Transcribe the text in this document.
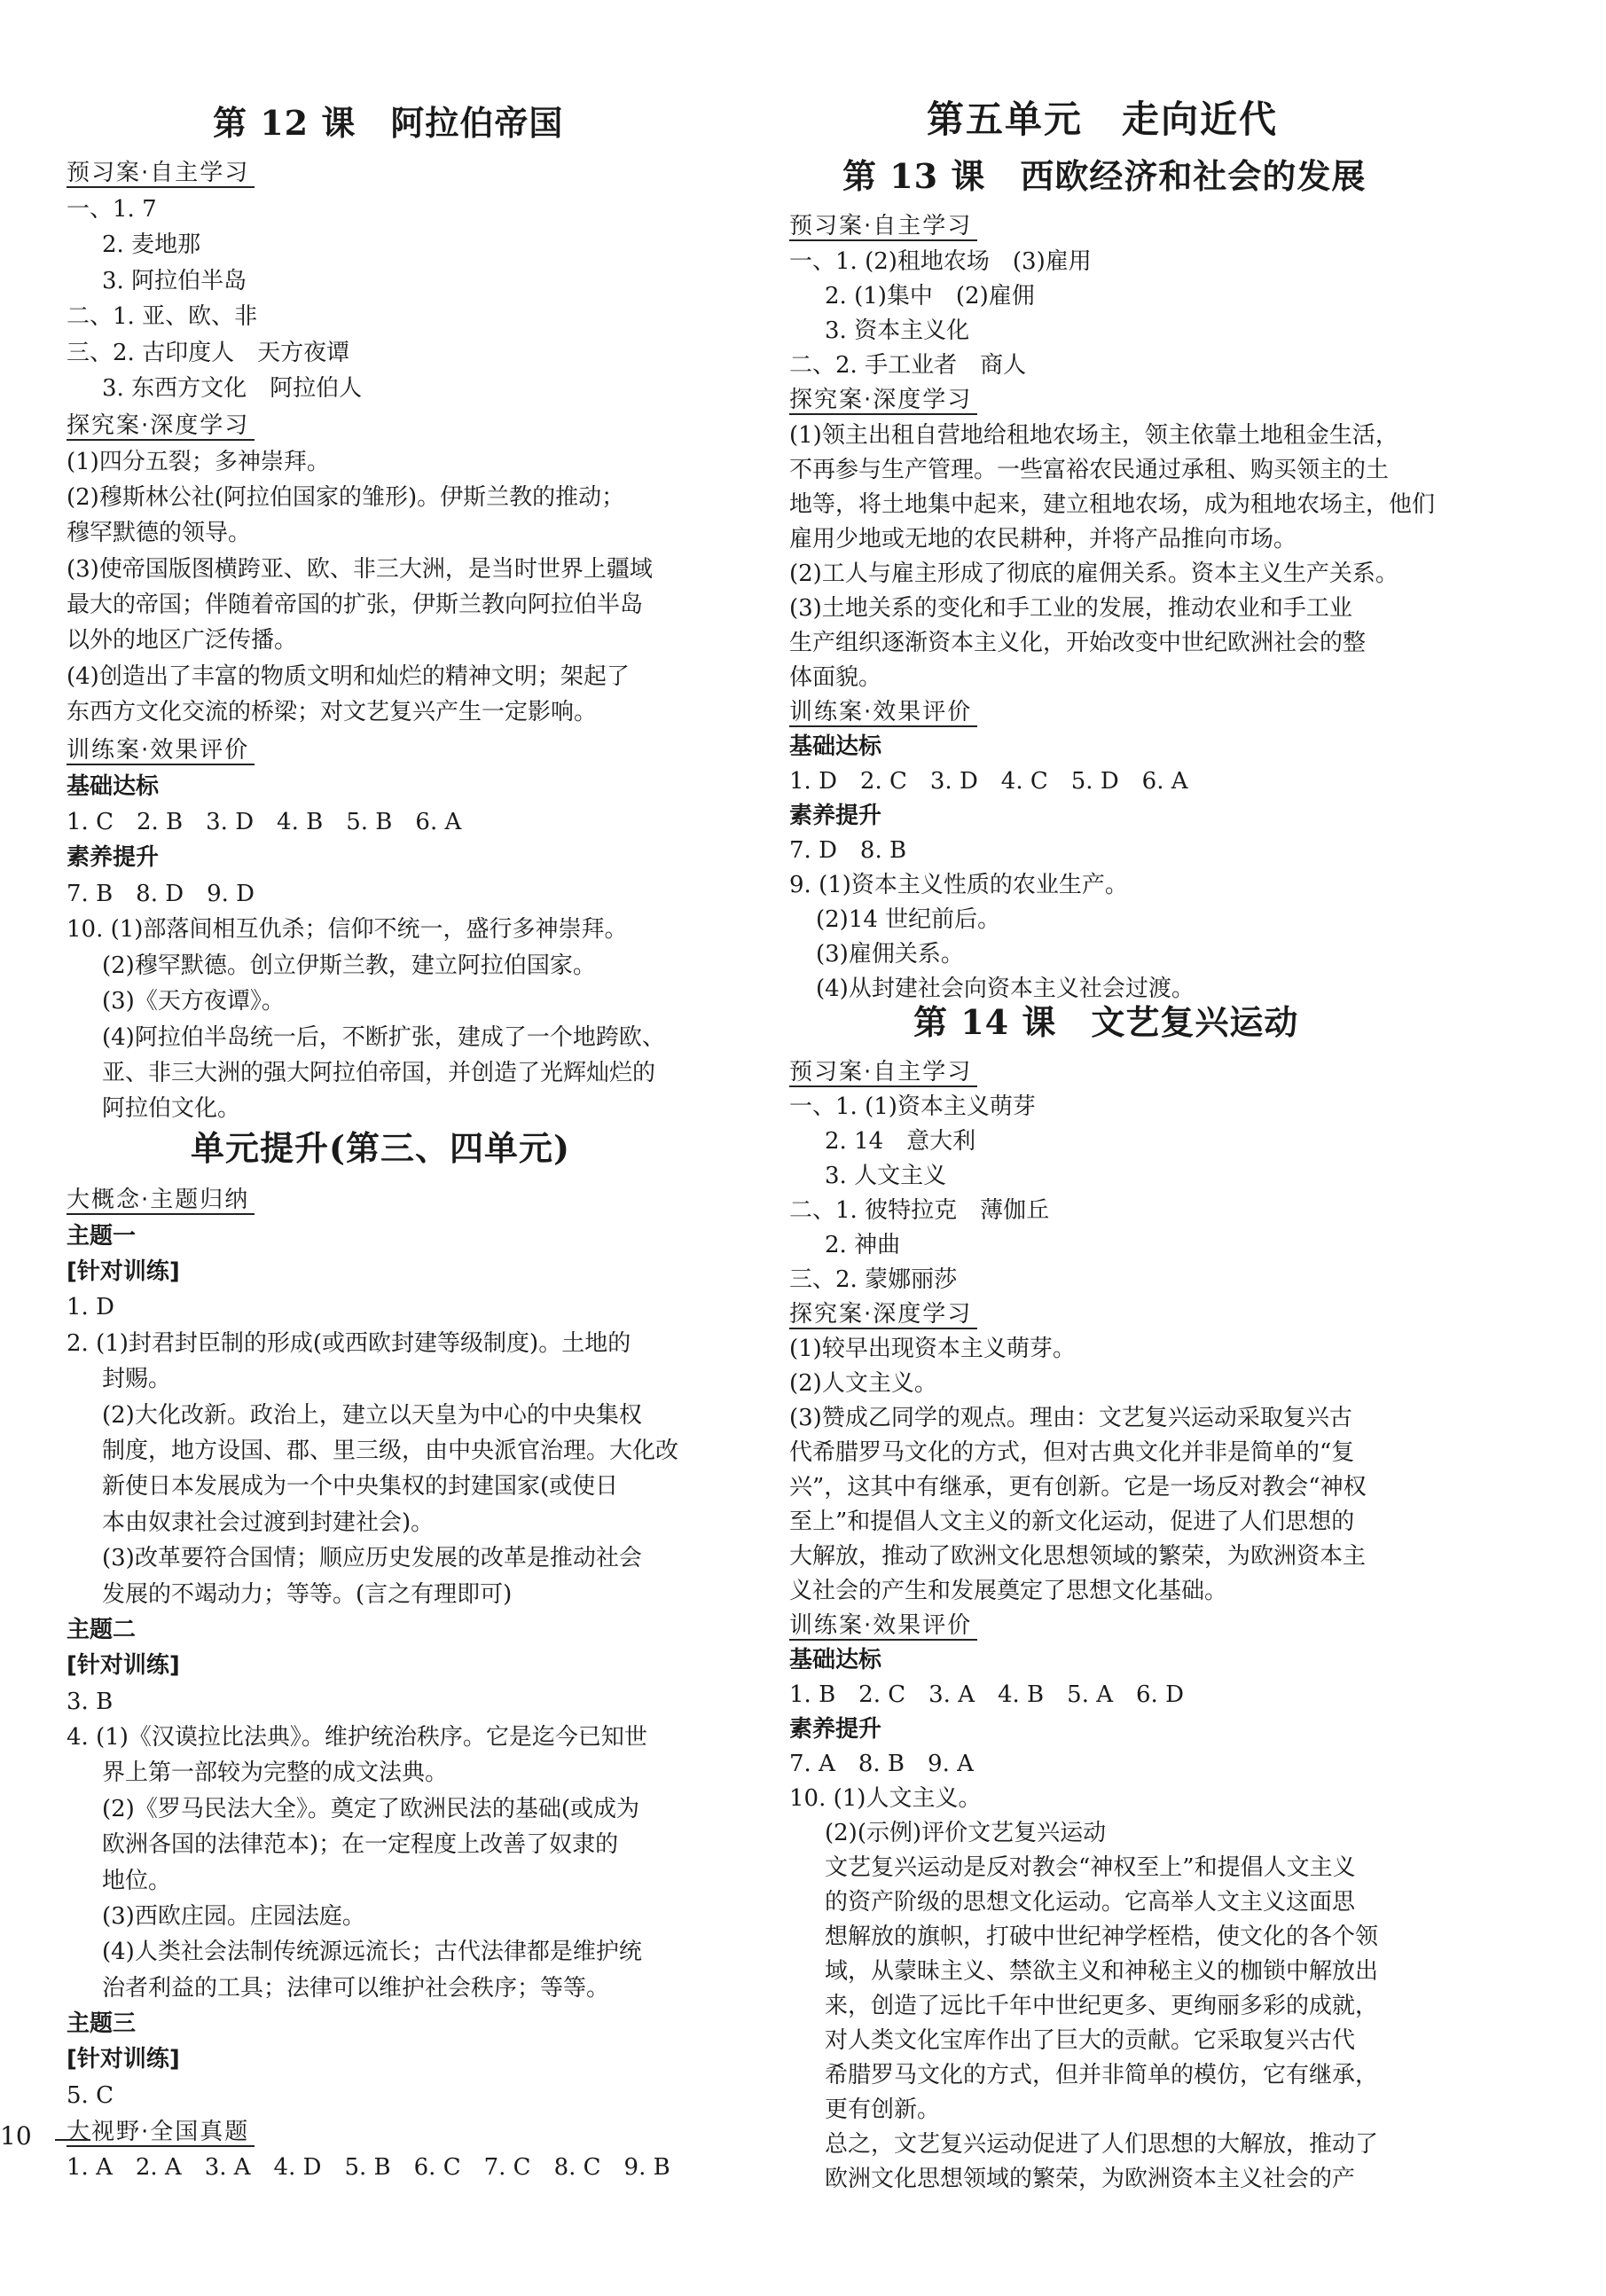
第 12 课　阿拉伯帝国
预习案·自主学习
一、1. 7
2. 麦地那
3. 阿拉伯半岛
二、1. 亚、欧、非
三、2. 古印度人　天方夜谭
3. 东西方文化　阿拉伯人
探究案·深度学习
(1)四分五裂；多神崇拜。
(2)穆斯林公社(阿拉伯国家的雏形)。伊斯兰教的推动；
穆罕默德的领导。
(3)使帝国版图横跨亚、欧、非三大洲，是当时世界上疆域
最大的帝国；伴随着帝国的扩张，伊斯兰教向阿拉伯半岛
以外的地区广泛传播。
(4)创造出了丰富的物质文明和灿烂的精神文明；架起了
东西方文化交流的桥梁；对文艺复兴产生一定影响。
训练案·效果评价
基础达标
1. C　2. B　3. D　4. B　5. B　6. A
素养提升
7. B　8. D　9. D
10. (1)部落间相互仇杀；信仰不统一，盛行多神崇拜。
(2)穆罕默德。创立伊斯兰教，建立阿拉伯国家。
(3)《天方夜谭》。
(4)阿拉伯半岛统一后，不断扩张，建成了一个地跨欧、
亚、非三大洲的强大阿拉伯帝国，并创造了光辉灿烂的
阿拉伯文化。
单元提升(第三、四单元)
大概念·主题归纳
主题一
[针对训练]
1. D
2. (1)封君封臣制的形成(或西欧封建等级制度)。土地的
封赐。
(2)大化改新。政治上，建立以天皇为中心的中央集权
制度，地方设国、郡、里三级，由中央派官治理。大化改
新使日本发展成为一个中央集权的封建国家(或使日
本由奴隶社会过渡到封建社会)。
(3)改革要符合国情；顺应历史发展的改革是推动社会
发展的不竭动力；等等。(言之有理即可)
主题二
[针对训练]
3. B
4. (1)《汉谟拉比法典》。维护统治秩序。它是迄今已知世
界上第一部较为完整的成文法典。
(2)《罗马民法大全》。奠定了欧洲民法的基础(或成为
欧洲各国的法律范本)；在一定程度上改善了奴隶的
地位。
(3)西欧庄园。庄园法庭。
(4)人类社会法制传统源远流长；古代法律都是维护统
治者利益的工具；法律可以维护社会秩序；等等。
主题三
[针对训练]
5. C
大视野·全国真题
1. A　2. A　3. A　4. D　5. B　6. C　7. C　8. C　9. B
第五单元　走向近代
第 13 课　西欧经济和社会的发展
预习案·自主学习
一、1. (2)租地农场　(3)雇用
2. (1)集中　(2)雇佣
3. 资本主义化
二、2. 手工业者　商人
探究案·深度学习
(1)领主出租自营地给租地农场主，领主依靠土地租金生活，
不再参与生产管理。一些富裕农民通过承租、购买领主的土
地等，将土地集中起来，建立租地农场，成为租地农场主，他们
雇用少地或无地的农民耕种，并将产品推向市场。
(2)工人与雇主形成了彻底的雇佣关系。资本主义生产关系。
(3)土地关系的变化和手工业的发展，推动农业和手工业
生产组织逐渐资本主义化，开始改变中世纪欧洲社会的整
体面貌。
训练案·效果评价
基础达标
1. D　2. C　3. D　4. C　5. D　6. A
素养提升
7. D　8. B
9. (1)资本主义性质的农业生产。
(2)14 世纪前后。
(3)雇佣关系。
(4)从封建社会向资本主义社会过渡。
第 14 课　文艺复兴运动
预习案·自主学习
一、1. (1)资本主义萌芽
2. 14　意大利
3. 人文主义
二、1. 彼特拉克　薄伽丘
2. 神曲
三、2. 蒙娜丽莎
探究案·深度学习
(1)较早出现资本主义萌芽。
(2)人文主义。
(3)赞成乙同学的观点。理由：文艺复兴运动采取复兴古
代希腊罗马文化的方式，但对古典文化并非是简单的“复
兴”，这其中有继承，更有创新。它是一场反对教会“神权
至上”和提倡人文主义的新文化运动，促进了人们思想的
大解放，推动了欧洲文化思想领域的繁荣，为欧洲资本主
义社会的产生和发展奠定了思想文化基础。
训练案·效果评价
基础达标
1. B　2. C　3. A　4. B　5. A　6. D
素养提升
7. A　8. B　9. A
10. (1)人文主义。
(2)(示例)评价文艺复兴运动
文艺复兴运动是反对教会“神权至上”和提倡人文主义
的资产阶级的思想文化运动。它高举人文主义这面思
想解放的旗帜，打破中世纪神学桎梏，使文化的各个领
域，从蒙昧主义、禁欲主义和神秘主义的枷锁中解放出
来，创造了远比千年中世纪更多、更绚丽多彩的成就，
对人类文化宝库作出了巨大的贡献。它采取复兴古代
希腊罗马文化的方式，但并非简单的模仿，它有继承，
更有创新。
总之，文艺复兴运动促进了人们思想的大解放，推动了
欧洲文化思想领域的繁荣，为欧洲资本主义社会的产
10
